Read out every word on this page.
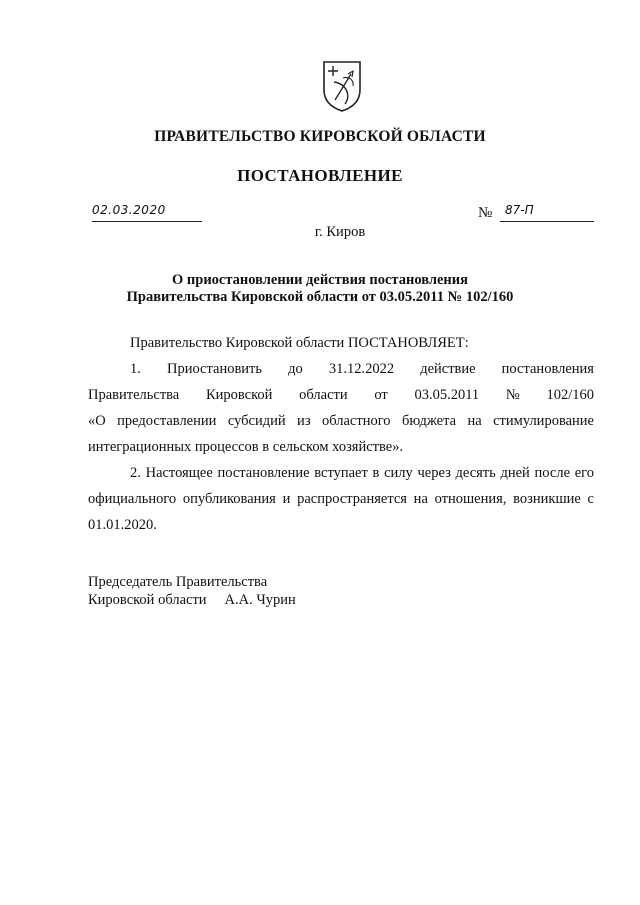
ПРАВИТЕЛЬСТВО КИРОВСКОЙ ОБЛАСТИ
ПОСТАНОВЛЕНИЕ
02.03.2020	№ 87-П
г. Киров
О приостановлении действия постановления
Правительства Кировской области от 03.05.2011 № 102/160

Правительство Кировской области ПОСТАНОВЛЯЕТ:

1. Приостановить до 31.12.2022 действие постановления

Правительства Кировской области от 03.05.2011 № 102/160

«О предоставлении субсидий из областного бюджета на стимулирование интеграционных процессов в сельском хозяйстве».

2. Настоящее постановление вступает в силу через десять дней после его официального опубликования и распространяется на отношения, возникшие с 01.01.2020.

Председатель Правительства
Кировской области А.А. Чурин
